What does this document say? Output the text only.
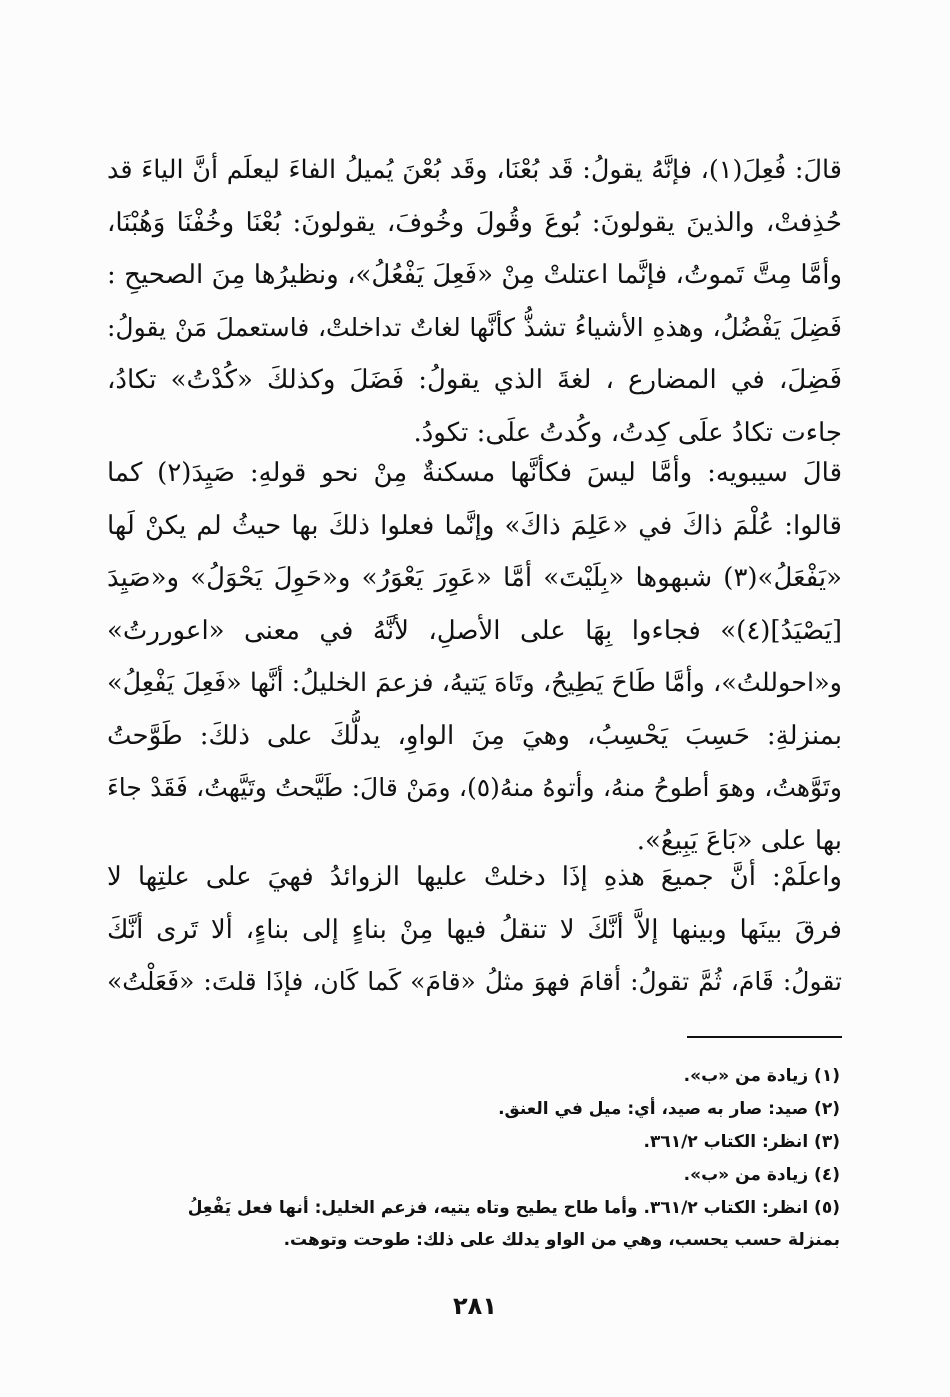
قالَ: فُعِلَ(١)، فإنَّهُ يقولُ: قَد بُعْنَا، وقَد بُعْنَ يُميلُ الفاءَ ليعلَم أنَّ الياءَ قد
حُذِفتْ، والذينَ يقولونَ: بُوعَ وقُولَ وخُوفَ، يقولونَ: بُعْنَا وخُفْنَا وَهُبْنَا،
وأمَّا مِتَّ تَموتُ، فإنَّما اعتلتْ مِنْ «فَعِلَ يَفْعُلُ»، ونظيرُها مِنَ الصحيحِ :
فَضِلَ يَفْضُلُ، وهذهِ الأشياءُ تشذُّ كأنَّها لغاتٌ تداخلتْ، فاستعملَ مَنْ يقولُ:
فَضِلَ، في المضارع ، لغةَ الذي يقولُ: فَضَلَ وكذلكَ «كُدْتُ» تكادُ،
جاءت تكادُ علَى كِدتُ، وكُدتُ علَى: تكودُ.
قالَ سيبويه: وأمَّا ليسَ فكأنَّها مسكنةٌ مِنْ نحو قولهِ: صَيِدَ(٢) كما
قالوا: عُلْمَ ذاكَ في «عَلِمَ ذاكَ» وإنَّما فعلوا ذلكَ بها حيثُ لم يكنْ لَها
«يَفْعَلُ»(٣) شبهوها «بِلَيْتَ» أمَّا «عَوِرَ يَعْوَرُ» و«حَوِلَ يَحْوَلُ» و«صَيِدَ
[يَصْيَدُ](٤)» فجاءوا بِهَا على الأصلِ، لأنَّهُ في معنى «اعوررتُ»
و«احوللتُ»، وأمَّا طَاحَ يَطِيحُ، وتَاهَ يَتيهُ، فزعمَ الخليلُ: أنَّها «فَعِلَ يَفْعِلُ»
بمنزلةِ: حَسِبَ يَحْسِبُ، وهيَ مِنَ الواوِ، يدلُّكَ على ذلكَ: طَوَّحتُ
وتَوَّهتُ، وهوَ أطوحُ منهُ، وأتوهُ منهُ(٥)، ومَنْ قالَ: طَيَّحتُ وتَيَّهتُ، فَقَدْ جاءَ
بها على «بَاعَ يَبِيعُ».
واعلَمْ: أنَّ جميعَ هذهِ إذَا دخلتْ عليها الزوائدُ فهيَ على علتِها لا
فرقَ بينَها وبينها إلاَّ أنَّكَ لا تنقلُ فيها مِنْ بناءٍ إلى بناءٍ، ألا تَرى أنَّكَ
تقولُ: قَامَ، ثُمَّ تقولُ: أقامَ فهوَ مثلُ «قامَ» كَما كَان، فإذَا قلتَ: «فَعَلْتُ»
(١) زيادة من «ب».
(٢) صيد: صار به صيد، أي: ميل في العنق.
(٣) انظر: الكتاب ٣٦١/٢.
(٤) زيادة من «ب».
(٥) انظر: الكتاب ٣٦١/٢. وأما طاح يطيح وتاه يتيه، فزعم الخليل: أنها فعل يَفْعِلُ
بمنزلة حسب يحسب، وهي من الواو يدلك على ذلك: طوحت وتوهت.
٢٨١
